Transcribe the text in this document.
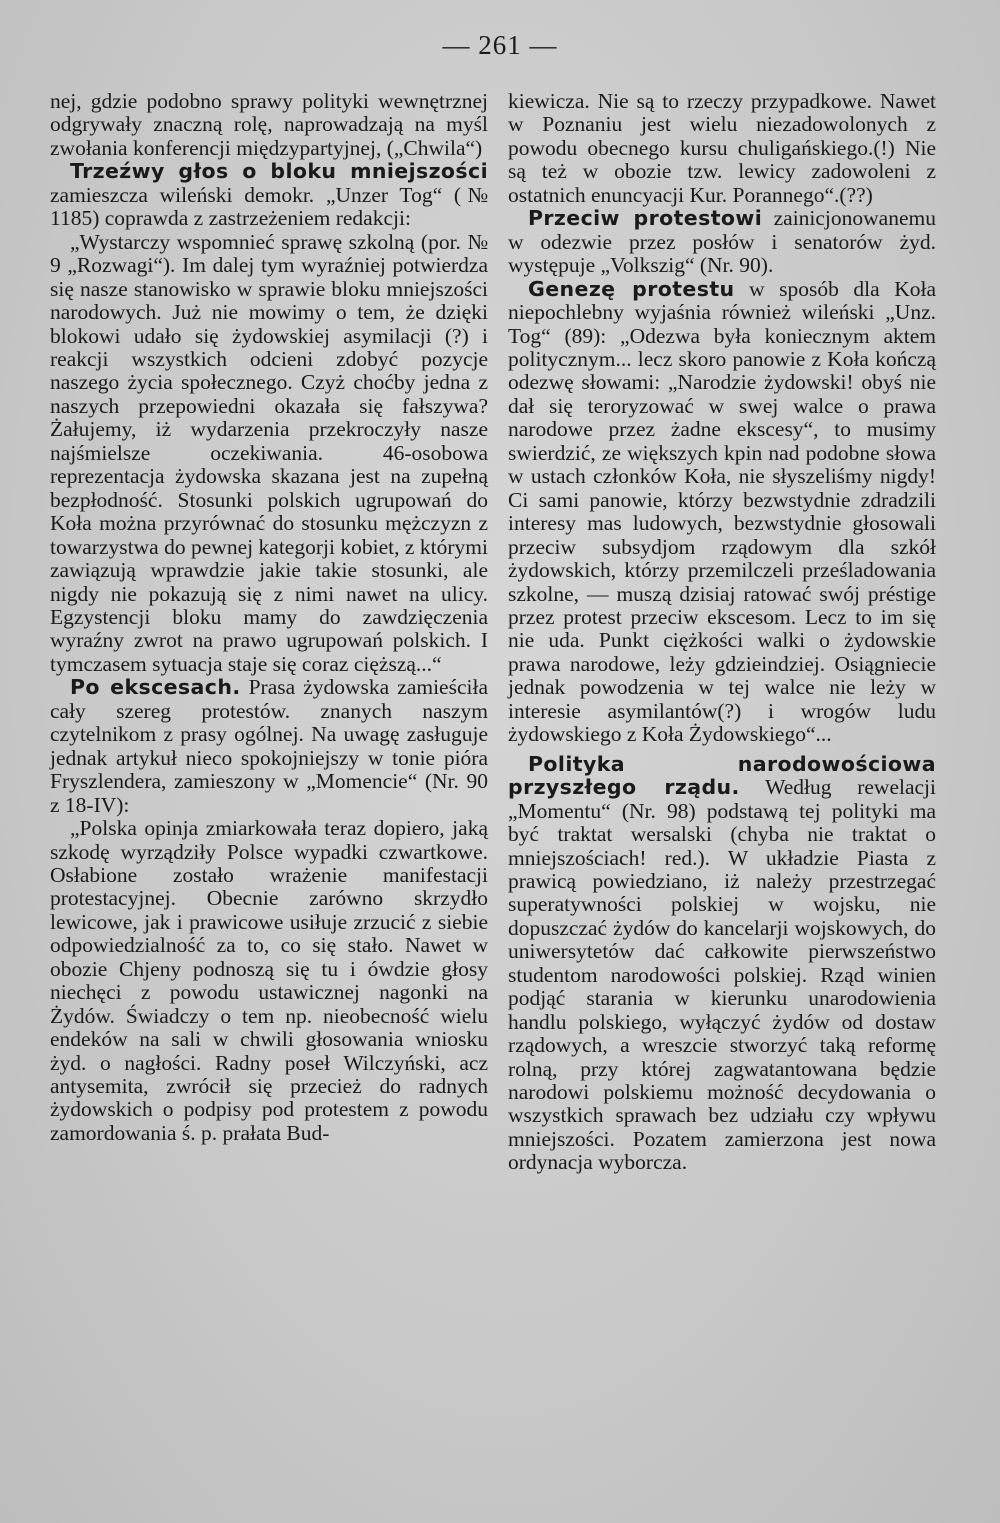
— 261 —

nej, gdzie podobno sprawy polityki wewnętrznej odgrywały znaczną rolę, naprowadzają na myśl zwołania konferencji międzypartyjnej, („Chwila“)

Trzeźwy głos o bloku mniejszości zamieszcza wileński demokr. „Unzer Tog“ (№ 1185) coprawda z zastrzeżeniem redakcji:

„Wystarczy wspomnieć sprawę szkolną (por. № 9 „Rozwagi“). Im dalej tym wyraźniej potwierdza się nasze stanowisko w sprawie bloku mniejszości narodowych. Już nie mowimy o tem, że dzięki blokowi udało się żydowskiej asymilacji (?) i reakcji wszystkich odcieni zdobyć pozycje naszego życia społecznego. Czyż choćby jedna z naszych przepowiedni okazała się fałszywa? Żałujemy, iż wydarzenia przekroczyły nasze najśmielsze oczekiwania. 46-osobowa reprezentacja żydowska skazana jest na zupełną bezpłodność. Stosunki polskich ugrupowań do Koła można przyrównać do stosunku mężczyzn z towarzystwa do pewnej kategorji kobiet, z którymi zawiązują wprawdzie jakie takie stosunki, ale nigdy nie pokazują się z nimi nawet na ulicy. Egzystencji bloku mamy do zawdzięczenia wyraźny zwrot na prawo ugrupowań polskich. I tymczasem sytuacja staje się coraz cięższą...“

Po ekscesach. Prasa żydowska zamieściła cały szereg protestów. znanych naszym czytelnikom z prasy ogólnej. Na uwagę zasługuje jednak artykuł nieco spokojniejszy w tonie pióra Fryszlendera, zamieszony w „Momencie“ (Nr. 90 z 18-IV):

„Polska opinja zmiarkowała teraz dopiero, jaką szkodę wyrządziły Polsce wypadki czwartkowe. Osłabione zostało wrażenie manifestacji protestacyjnej. Obecnie zarówno skrzydło lewicowe, jak i prawicowe usiłuje zrzucić z siebie odpowiedzialność za to, co się stało. Nawet w obozie Chjeny podnoszą się tu i ówdzie głosy niechęci z powodu ustawicznej nagonki na Żydów. Świadczy o tem np. nieobecność wielu endeków na sali w chwili głosowania wniosku żyd. o nagłości. Radny poseł Wilczyński, acz antysemita, zwrócił się przecież do radnych żydowskich o podpisy pod protestem z powodu zamordowania ś. p. prałata Bud-

kiewicza. Nie są to rzeczy przypadkowe. Nawet w Poznaniu jest wielu niezadowolonych z powodu obecnego kursu chuligańskiego.(!) Nie są też w obozie tzw. lewicy zadowoleni z ostatnich enuncyacji Kur. Porannego“.(??)

Przeciw protestowi zainicjonowanemu w odezwie przez posłów i senatorów żyd. występuje „Volkszig“ (Nr. 90).

Genezę protestu w sposób dla Koła niepochlebny wyjaśnia również wileński „Unz. Tog“ (89): „Odezwa była koniecznym aktem politycznym... lecz skoro panowie z Koła kończą odezwę słowami: „Narodzie żydowski! obyś nie dał się teroryzować w swej walce o prawa narodowe przez żadne ekscesy“, to musimy swierdzić, ze większych kpin nad podobne słowa w ustach członków Koła, nie słyszeliśmy nigdy! Ci sami panowie, którzy bezwstydnie zdradzili interesy mas ludowych, bezwstydnie głosowali przeciw subsydjom rządowym dla szkół żydowskich, którzy przemilczeli prześladowania szkolne, — muszą dzisiaj ratować swój préstige przez protest przeciw ekscesom. Lecz to im się nie uda. Punkt ciężkości walki o żydowskie prawa narodowe, leży gdzieindziej. Osiągniecie jednak powodzenia w tej walce nie leży w interesie asymilantów(?) i wrogów ludu żydowskiego z Koła Żydowskiego“...

Polityka narodowościowa przyszłego rządu. Według rewelacji „Momentu“ (Nr. 98) podstawą tej polityki ma być traktat wersalski (chyba nie traktat o mniejszościach! red.). W układzie Piasta z prawicą powiedziano, iż należy przestrzegać superatywności polskiej w wojsku, nie dopuszczać żydów do kancelarji wojskowych, do uniwersytetów dać całkowite pierwszeństwo studentom narodowości polskiej. Rząd winien podjąć starania w kierunku unarodowienia handlu polskiego, wyłączyć żydów od dostaw rządowych, a wreszcie stworzyć taką reformę rolną, przy której zagwatantowana będzie narodowi polskiemu możność decydowania o wszystkich sprawach bez udziału czy wpływu mniejszości. Pozatem zamierzona jest nowa ordynacja wyborcza.
